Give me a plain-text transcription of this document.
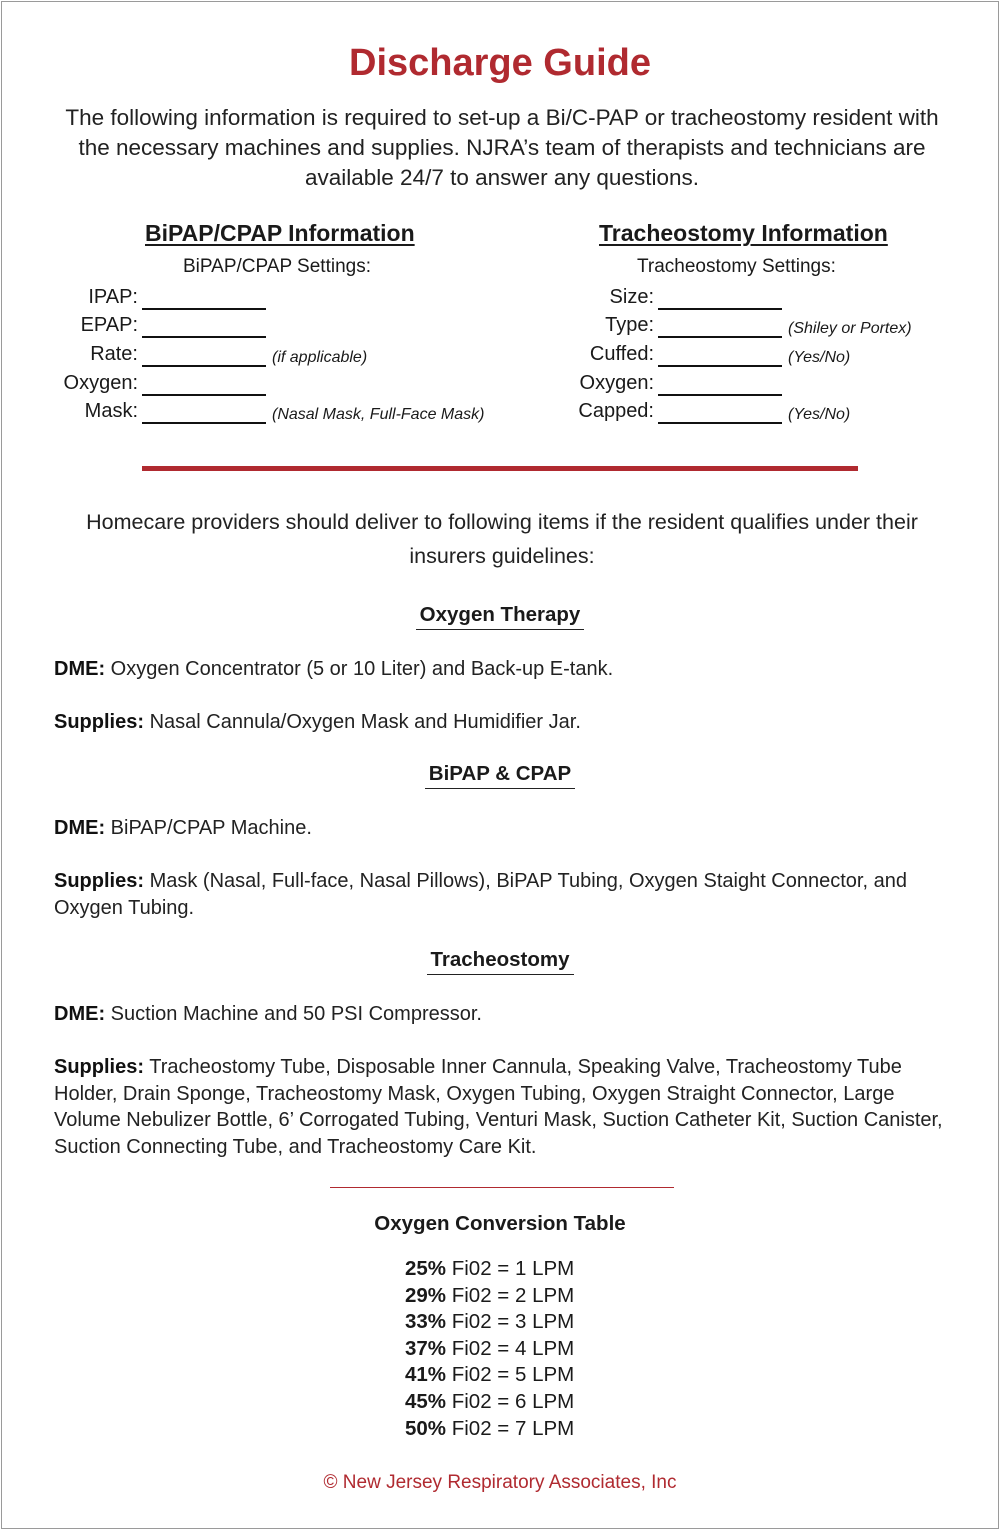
Discharge Guide
The following information is required to set-up a Bi/C-PAP or tracheostomy resident with the necessary machines and supplies. NJRA’s team of therapists and technicians are available 24/7 to answer any questions.
BiPAP/CPAP Information
BiPAP/CPAP Settings:
IPAP:
EPAP:
Rate:	(if applicable)
Oxygen:
Mask:	(Nasal Mask, Full-Face Mask)
Tracheostomy Information
Tracheostomy Settings:
Size:
Type:	(Shiley or Portex)
Cuffed:	(Yes/No)
Oxygen:
Capped:	(Yes/No)
Homecare providers should deliver to following items if the resident qualifies under their insurers guidelines:
Oxygen Therapy
DME: Oxygen Concentrator (5 or 10 Liter) and Back-up E-tank.
Supplies: Nasal Cannula/Oxygen Mask and Humidifier Jar.
BiPAP & CPAP
DME: BiPAP/CPAP Machine.
Supplies: Mask (Nasal, Full-face, Nasal Pillows), BiPAP Tubing, Oxygen Staight Connector, and Oxygen Tubing.
Tracheostomy
DME: Suction Machine and 50 PSI Compressor.
Supplies: Tracheostomy Tube, Disposable Inner Cannula, Speaking Valve, Tracheostomy Tube Holder, Drain Sponge, Tracheostomy Mask, Oxygen Tubing, Oxygen Straight Connector, Large Volume Nebulizer Bottle, 6’ Corrogated Tubing, Venturi Mask, Suction Catheter Kit, Suction Canister, Suction Connecting Tube, and Tracheostomy Care Kit.
Oxygen Conversion Table
25% Fi02 = 1 LPM
29% Fi02 = 2 LPM
33% Fi02 = 3 LPM
37% Fi02 = 4 LPM
41% Fi02 = 5 LPM
45% Fi02 = 6 LPM
50% Fi02 = 7 LPM
© New Jersey Respiratory Associates, Inc
